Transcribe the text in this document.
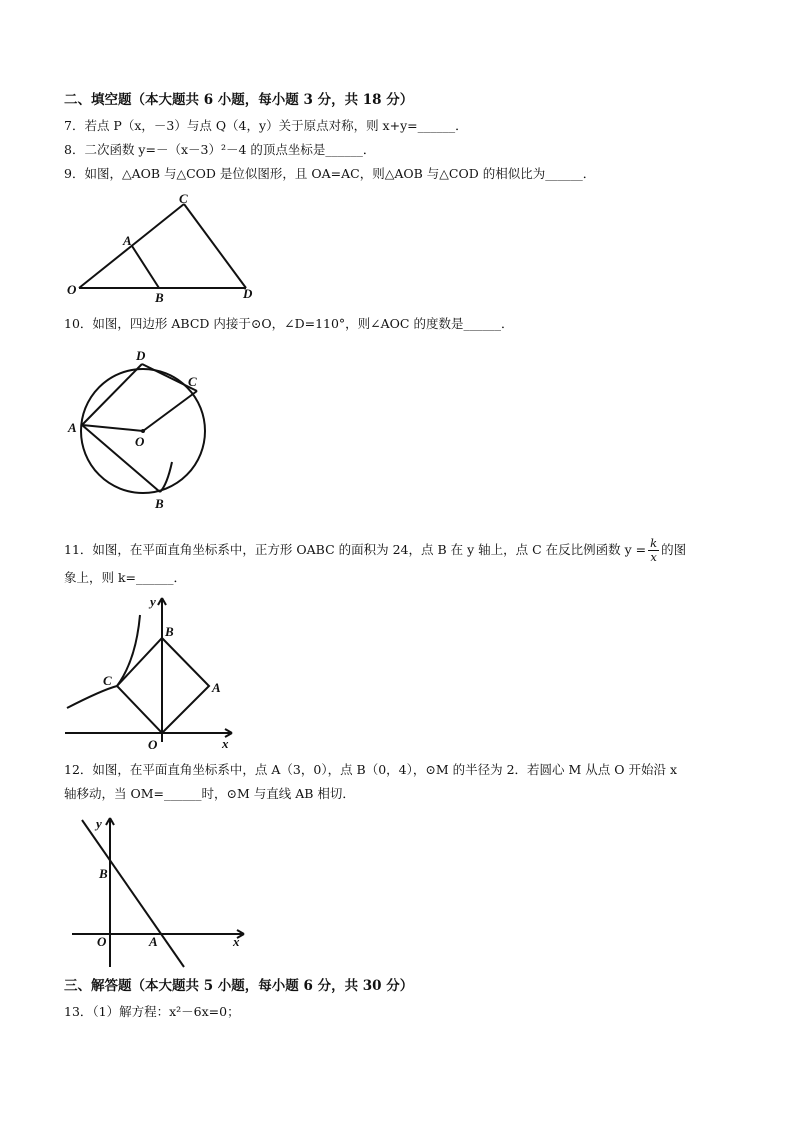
二、填空题（本大题共 6 小题，每小题 3 分，共 18 分）
7．若点 P（x，－3）与点 Q（4，y）关于原点对称，则 x+y=______．
8．二次函数 y=－（x－3）²－4 的顶点坐标是______．
9．如图，△AOB 与△COD 是位似图形，且 OA=AC，则△AOB 与△COD 的相似比为______．
C
A
O
B	D
10．如图，四边形 ABCD 内接于⊙O，∠D=110°，则∠AOC 的度数是______．
D
C
A
O
B
11．如图，在平面直角坐标系中，正方形 OABC 的面积为 24，点 B 在 y 轴上，点 C 在反比例函数 $y = \frac{k}{x}$ 的图
象上，则 k=______．
y
B
C	A
O	x
12．如图，在平面直角坐标系中，点 A（3，0），点 B（0，4），⊙M 的半径为 2．若圆心 M 从点 O 开始沿 x
轴移动，当 OM=______时，⊙M 与直线 AB 相切．
y
B
O	A	x
三、解答题（本大题共 5 小题，每小题 6 分，共 30 分）
13．（1）解方程：x²－6x=0；
